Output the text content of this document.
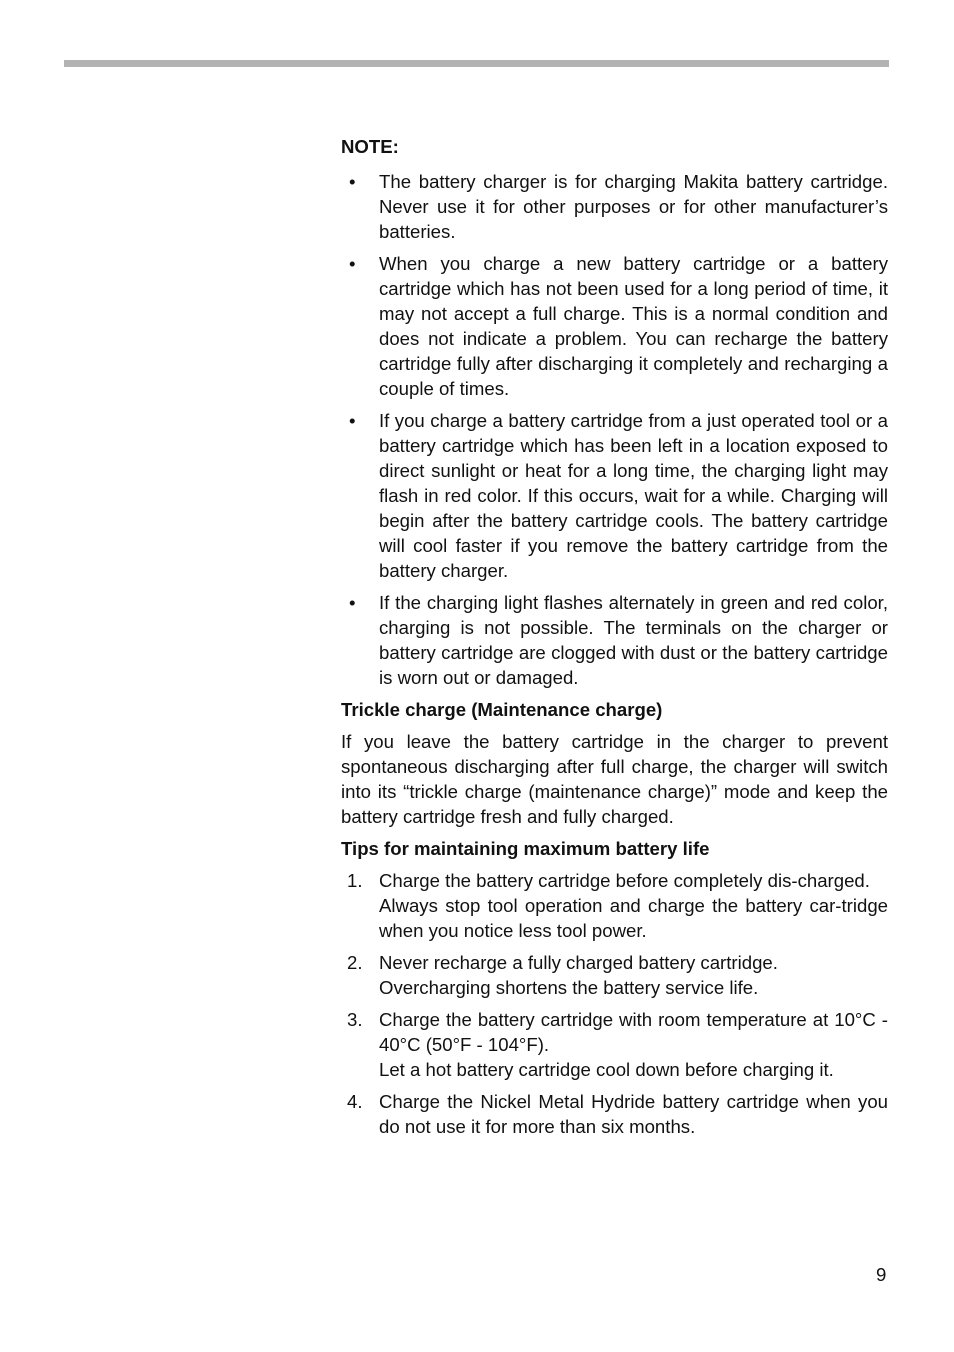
NOTE:
•	The battery charger is for charging Makita battery cartridge. Never use it for other purposes or for other manufacturer’s batteries.
•	When you charge a new battery cartridge or a battery cartridge which has not been used for a long period of time, it may not accept a full charge. This is a normal condition and does not indicate a problem. You can recharge the battery cartridge fully after discharging it completely and recharging a couple of times.
•	If you charge a battery cartridge from a just operated tool or a battery cartridge which has been left in a location exposed to direct sunlight or heat for a long time, the charging light may flash in red color. If this occurs, wait for a while. Charging will begin after the battery cartridge cools. The battery cartridge will cool faster if you remove the battery cartridge from the battery charger.
•	If the charging light flashes alternately in green and red color, charging is not possible. The terminals on the charger or battery cartridge are clogged with dust or the battery cartridge is worn out or damaged.
Trickle charge (Maintenance charge)

If you leave the battery cartridge in the charger to prevent spontaneous discharging after full charge, the charger will switch into its “trickle charge (maintenance charge)” mode and keep the battery cartridge fresh and fully charged.

Tips for maintaining maximum battery life
1. Charge the battery cartridge before completely dis-charged.

Always stop tool operation and charge the battery car-tridge when you notice less tool power.

2. Never recharge a fully charged battery cartridge.

Overcharging shortens the battery service life.

3. Charge the battery cartridge with room temperature at 10°C - 40°C (50°F - 104°F).

Let a hot battery cartridge cool down before charging it.

4. Charge the Nickel Metal Hydride battery cartridge when you do not use it for more than six months.

9
